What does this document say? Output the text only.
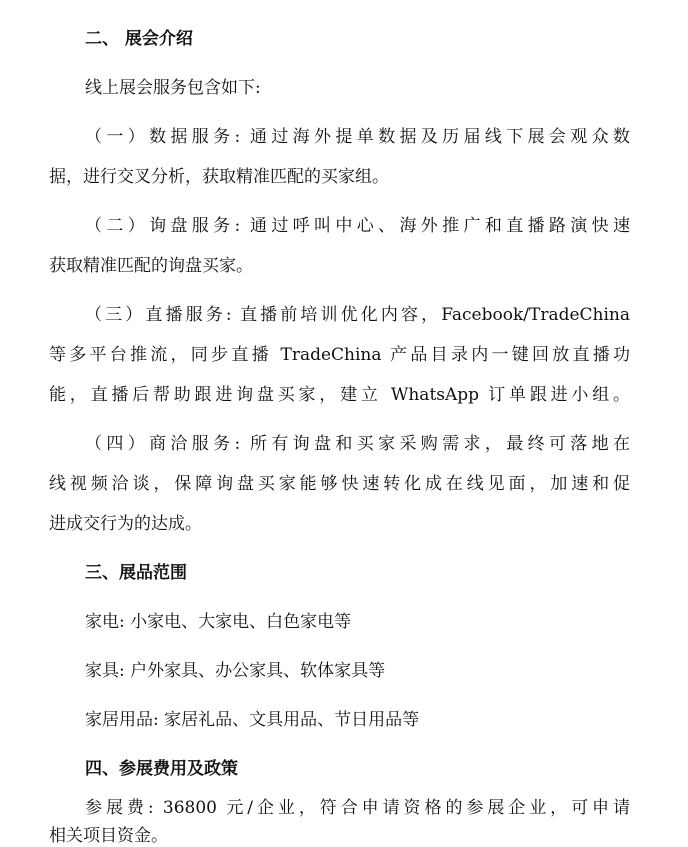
二、 展会介绍
线上展会服务包含如下:
（一）数据服务: 通过海外提单数据及历届线下展会观众数
据，进行交叉分析，获取精准匹配的买家组。
（二）询盘服务: 通过呼叫中心、海外推广和直播路演快速
获取精准匹配的询盘买家。
（三）直播服务: 直播前培训优化内容，Facebook/TradeChina
等多平台推流，同步直播 TradeChina 产品目录内一键回放直播功
能，直播后帮助跟进询盘买家，建立 WhatsApp 订单跟进小组。
（四）商洽服务: 所有询盘和买家采购需求，最终可落地在
线视频洽谈，保障询盘买家能够快速转化成在线见面，加速和促
进成交行为的达成。
三、展品范围
家电: 小家电、大家电、白色家电等
家具: 户外家具、办公家具、软体家具等
家居用品: 家居礼品、文具用品、节日用品等
四、参展费用及政策
参展费: 36800 元/企业，符合申请资格的参展企业，可申请
相关项目资金。
